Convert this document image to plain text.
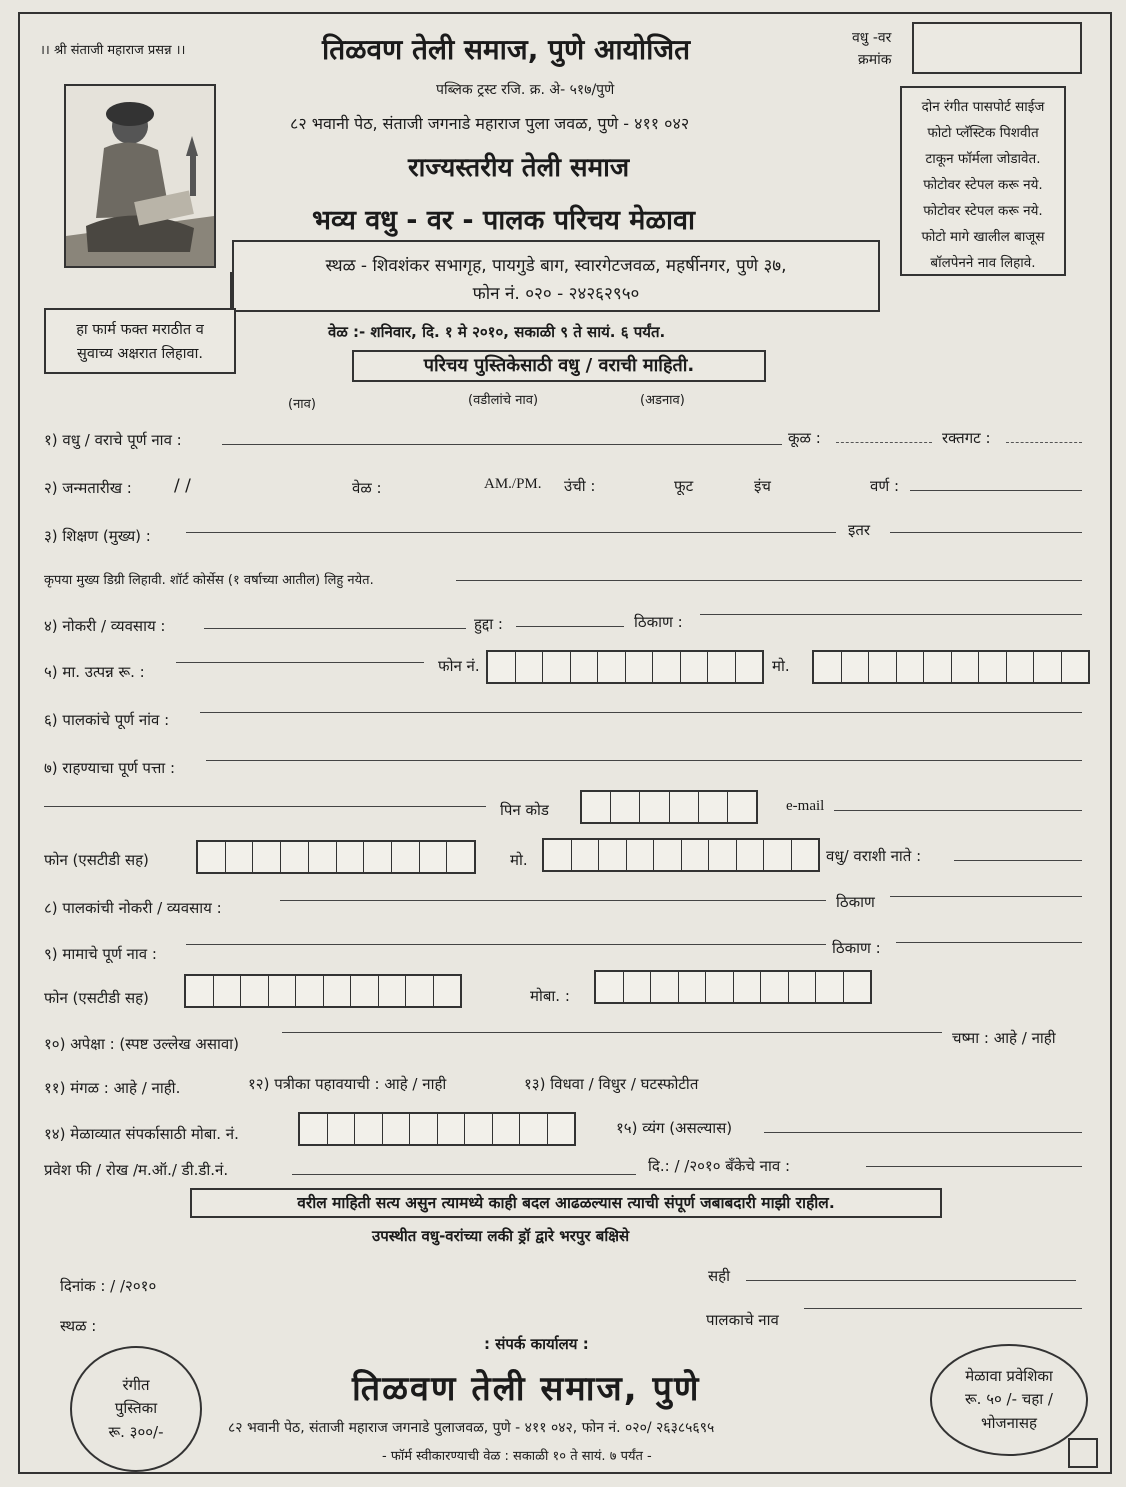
।। श्री संताजी महाराज प्रसन्न ।।	तिळवण तेली समाज, पुणे आयोजित
पब्लिक ट्रस्ट रजि. क्र. अे- ५१७/पुणे
८२ भवानी पेठ, संताजी जगनाडे महाराज पुला जवळ, पुणे - ४११ ०४२
राज्यस्तरीय तेली समाज
भव्य वधु - वर - पालक परिचय मेळावा
वधु -वर
क्रमांक
दोन रंगीत पासपोर्ट साईज
फोटो प्लॅस्टिक पिशवीत
टाकून फॉर्मला जोडावेत.
फोटोवर स्टेपल करू नये.
फोटोवर स्टेपल करू नये.
फोटो मागे खालील बाजूस
बॉलपेनने नाव लिहावे.
स्थळ - शिवशंकर सभागृह, पायगुडे बाग, स्वारगेटजवळ, महर्षीनगर, पुणे ३७,
फोन नं. ०२० - २४२६२९५०
हा फार्म फक्त मराठीत व
सुवाच्य अक्षरात लिहावा.
वेळ :- शनिवार, दि. १ मे २०१०, सकाळी ९ ते सायं. ६ पर्यंत.
परिचय पुस्तिकेसाठी वधु / वराची माहिती.
(नाव)	(वडीलांचे नाव)	(अडनाव)
१) वधु / वराचे पूर्ण नाव :	कूळ :	रक्तगट :
२) जन्मतारीख : / /	वेळ :	AM./PM. उंची :	फूट	इंच	वर्ण :
३) शिक्षण (मुख्य) :	इतर
कृपया मुख्य डिग्री लिहावी. शॉर्ट कोर्सेस (१ वर्षाच्या आतील) लिहु नयेत.
४) नोकरी / व्यवसाय :	हुद्दा :	ठिकाण :
५) मा. उत्पन्न रू. :	फोन नं.	मो.
६) पालकांचे पूर्ण नांव :
७) राहण्याचा पूर्ण पत्ता :
पिन कोड	e-mail
फोन (एसटीडी सह)	मो.	वधु/ वराशी नाते :
८) पालकांची नोकरी / व्यवसाय :	ठिकाण
९) मामाचे पूर्ण नाव :	ठिकाण :
फोन (एसटीडी सह)	मोबा. :
१०) अपेक्षा : (स्पष्ट उल्लेख असावा)	चष्मा : आहे / नाही
११) मंगळ : आहे / नाही.	१२) पत्रीका पहावयाची : आहे / नाही	१३) विधवा / विधुर / घटस्फोटीत
१४) मेळाव्यात संपर्कासाठी मोबा. नं.	१५) व्यंग (असल्यास)
प्रवेश फी / रोख /म.ऑ./ डी.डी.नं.	दि.: / /२०१० बँकेचे नाव :
वरील माहिती सत्य असुन त्यामध्ये काही बदल आढळल्यास त्याची संपूर्ण जबाबदारी माझी राहील.
उपस्थीत वधु-वरांच्या लकी ड्रॉ द्वारे भरपुर बक्षिसे
दिनांक : / /२०१०
सही
स्थळ :	पालकाचे नाव
: संपर्क कार्यालय :
तिळवण तेली समाज, पुणे
८२ भवानी पेठ, संताजी महाराज जगनाडे पुलाजवळ, पुणे - ४११ ०४२, फोन नं. ०२०/ २६३८५६९५
- फॉर्म स्वीकारण्याची वेळ : सकाळी १० ते सायं. ७ पर्यंत -
रंगीत
पुस्तिका
रू. ३००/-
मेळावा प्रवेशिका
रू. ५० /- चहा /
भोजनासह
